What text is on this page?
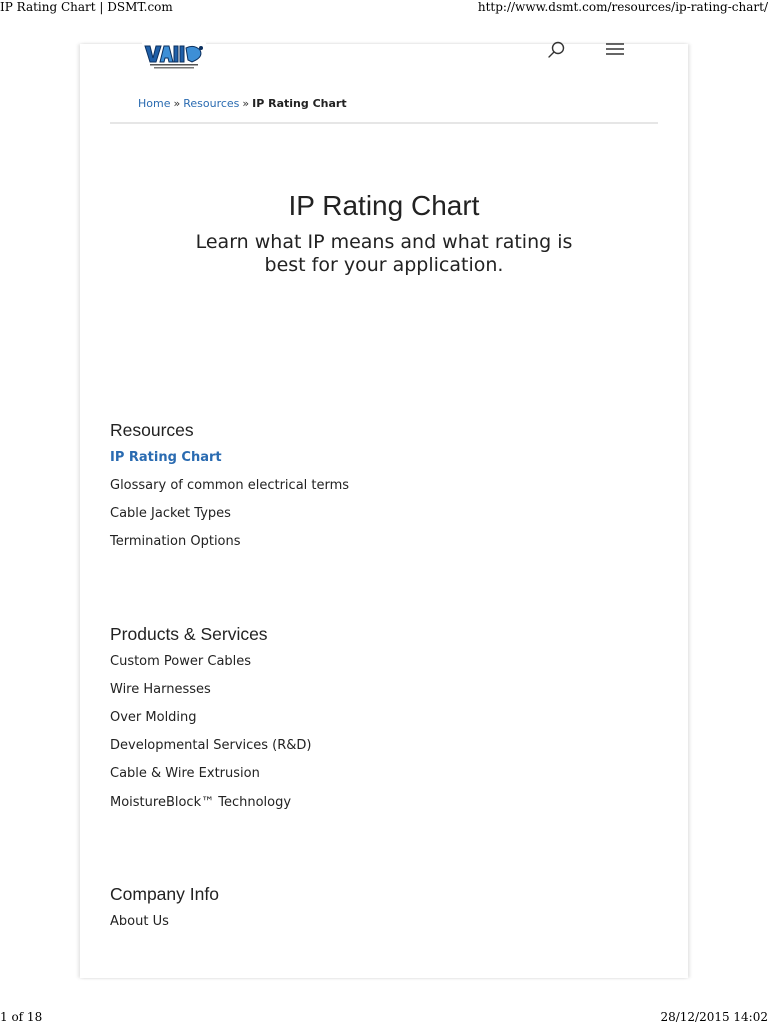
IP Rating Chart | DSMT.com	http://www.dsmt.com/resources/ip-rating-chart/
Home » Resources » IP Rating Chart
IP Rating Chart
Learn what IP means and what rating is best for your application.
Resources
IP Rating Chart
Glossary of common electrical terms
Cable Jacket Types
Termination Options
Products & Services
Custom Power Cables
Wire Harnesses
Over Molding
Developmental Services (R&D)
Cable & Wire Extrusion
MoistureBlock™ Technology
Company Info
About Us
1 of 18	28/12/2015 14:02
